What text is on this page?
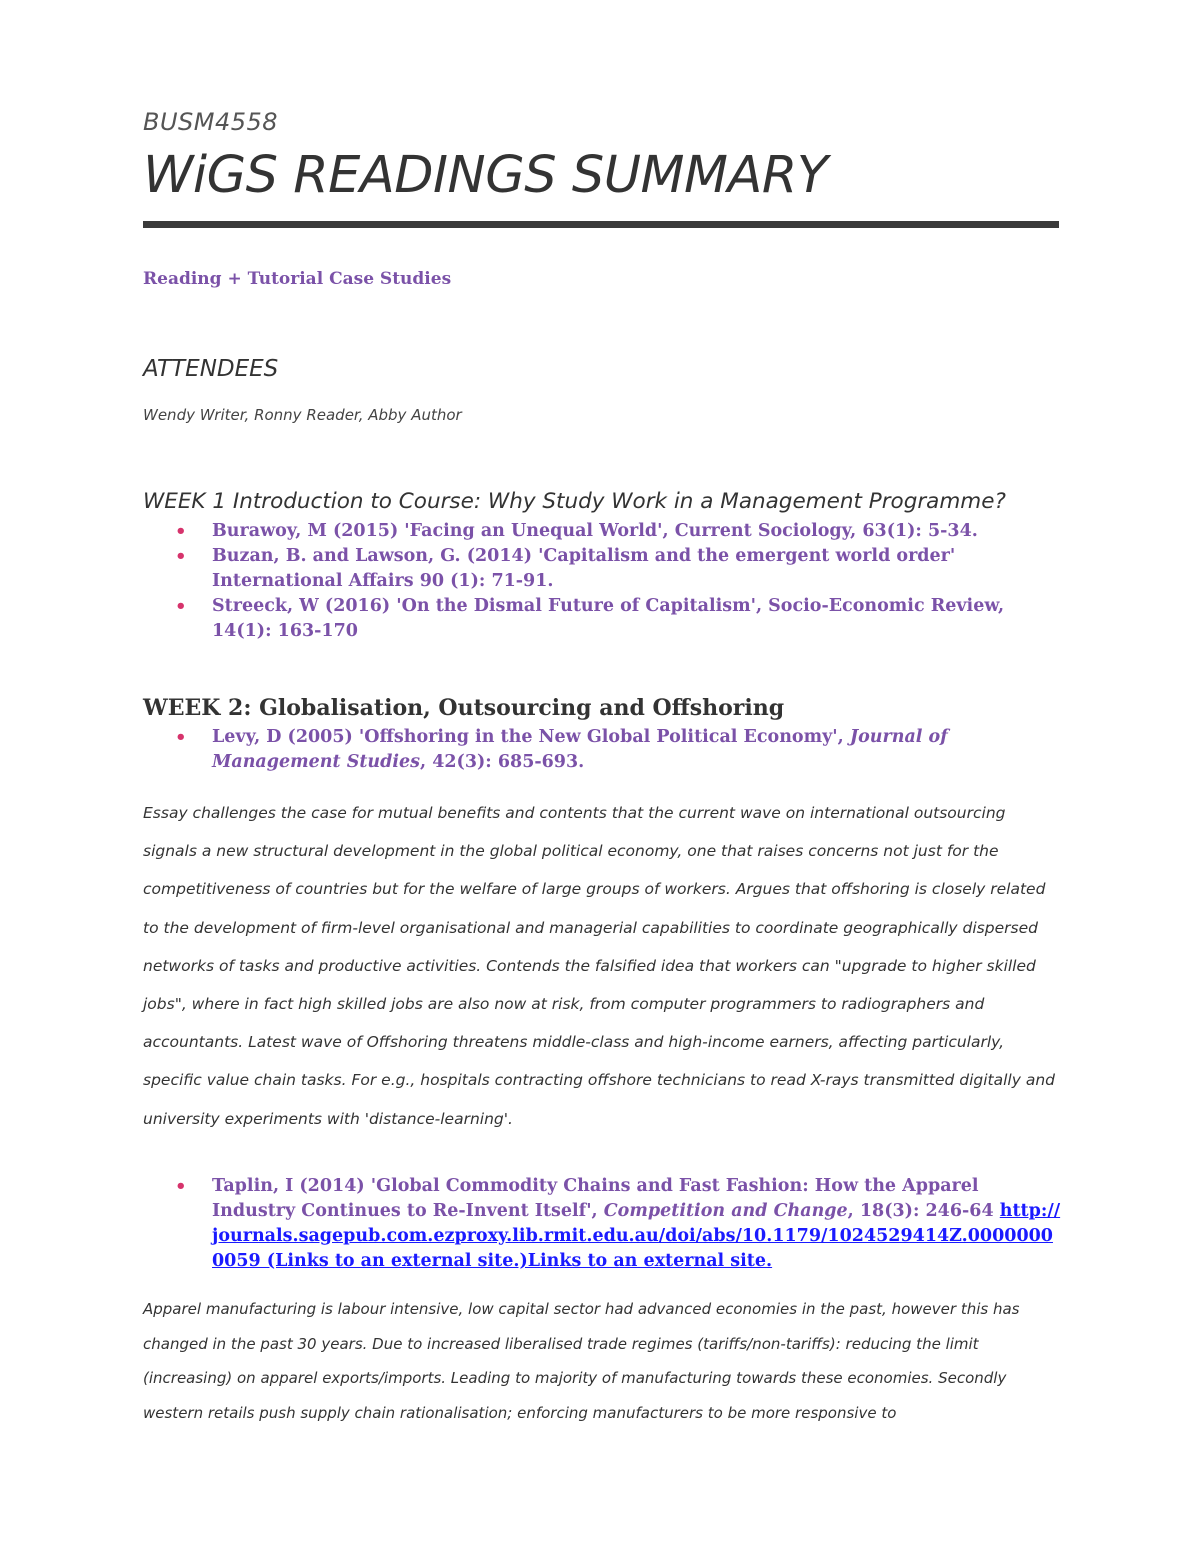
BUSM4558
WiGS READINGS SUMMARY
Reading + Tutorial Case Studies
ATTENDEES
Wendy Writer, Ronny Reader, Abby Author
WEEK 1 Introduction to Course: Why Study Work in a Management Programme?
• Burawoy, M (2015) 'Facing an Unequal World', Current Sociology, 63(1): 5-34.
• Buzan, B. and Lawson, G. (2014) 'Capitalism and the emergent world order' International Affairs 90 (1): 71-91.
• Streeck, W (2016) 'On the Dismal Future of Capitalism', Socio-Economic Review, 14(1): 163-170
WEEK 2: Globalisation, Outsourcing and Offshoring
• Levy, D (2005) 'Offshoring in the New Global Political Economy', Journal of Management Studies, 42(3): 685-693.

Essay challenges the case for mutual benefits and contents that the current wave on international outsourcing signals a new structural development in the global political economy, one that raises concerns not just for the competitiveness of countries but for the welfare of large groups of workers. Argues that offshoring is closely related to the development of firm-level organisational and managerial capabilities to coordinate geographically dispersed networks of tasks and productive activities. Contends the falsified idea that workers can "upgrade to higher skilled jobs", where in fact high skilled jobs are also now at risk, from computer programmers to radiographers and accountants. Latest wave of Offshoring threatens middle-class and high-income earners, affecting particularly, specific value chain tasks. For e.g., hospitals contracting offshore technicians to read X-rays transmitted digitally and university experiments with 'distance-learning'.

• Taplin, I (2014) 'Global Commodity Chains and Fast Fashion: How the Apparel Industry Continues to Re-Invent Itself', Competition and Change, 18(3): 246-64 http://journals.sagepub.com.ezproxy.lib.rmit.edu.au/doi/abs/10.1179/1024529414Z.00000000059 (Links to an external site.)Links to an external site.

Apparel manufacturing is labour intensive, low capital sector had advanced economies in the past, however this has changed in the past 30 years. Due to increased liberalised trade regimes (tariffs/non-tariffs): reducing the limit (increasing) on apparel exports/imports. Leading to majority of manufacturing towards these economies. Secondly western retails push supply chain rationalisation; enforcing manufacturers to be more responsive to
